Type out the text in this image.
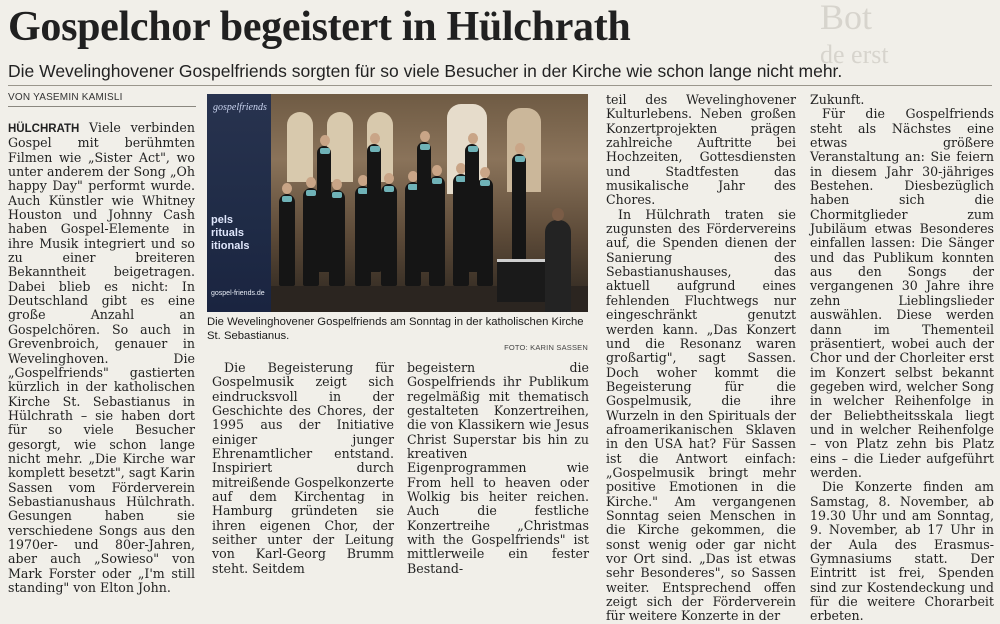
Gospelchor begeistert in Hülchrath	Bot
de erst

Die Wevelinghovener Gospelfriends sorgten für so viele Besucher in der Kirche wie schon lange nicht mehr.

VON YASEMIN KAMISLI

HÜLCHRATH Viele verbinden Gospel mit berühmten Filmen wie „Sister Act", wo unter anderem der Song „Oh happy Day" performt wurde. Auch Künstler wie Whitney Houston und Johnny Cash haben Gospel-Elemente in ihre Musik integriert und so zu einer breiteren Bekanntheit beigetragen. Dabei blieb es nicht: In Deutschland gibt es eine große Anzahl an Gospelchören. So auch in Grevenbroich, genauer in Wevelinghoven. Die „Gospelfriends" gastierten kürzlich in der katholischen Kirche St. Sebastianus in Hülchrath – sie haben dort für so viele Besucher gesorgt, wie schon lange nicht mehr. „Die Kirche war komplett besetzt", sagt Karin Sassen vom Förderverein Sebastianushaus Hülchrath. Gesungen haben sie verschiedene Songs aus den 1970er- und 80er-Jahren, aber auch „Sowieso" von Mark Forster oder „I'm still standing" von Elton John.

gospelfriends
pels
rituals
itionals
gospel-friends.de

Die Wevelinghovener Gospelfriends am Sonntag in der katholischen Kirche St. Sebastianus.

FOTO: KARIN SASSEN

Die Begeisterung für Gospelmusik zeigt sich eindrucksvoll in der Geschichte des Chores, der 1995 aus der Initiative einiger junger Ehrenamtlicher entstand. Inspiriert durch mitreißende Gospelkonzerte auf dem Kirchentag in Hamburg gründeten sie ihren eigenen Chor, der seither unter der Leitung von Karl-Georg Brumm steht. Seitdem

begeistern die Gospelfriends ihr Publikum regelmäßig mit thematisch gestalteten Konzertreihen, die von Klassikern wie Jesus Christ Superstar bis hin zu kreativen Eigenprogrammen wie From hell to heaven oder Wolkig bis heiter reichen. Auch die festliche Konzertreihe „Christmas with the Gospelfriends" ist mittlerweile ein fester Bestand-

teil des Wevelinghovener Kulturlebens. Neben großen Konzertprojekten prägen zahlreiche Auftritte bei Hochzeiten, Gottesdiensten und Stadtfesten das musikalische Jahr des Chores.

In Hülchrath traten sie zugunsten des Fördervereins auf, die Spenden dienen der Sanierung des Sebastianushauses, das aktuell aufgrund eines fehlenden Fluchtwegs nur eingeschränkt genutzt werden kann. „Das Konzert und die Resonanz waren großartig", sagt Sassen. Doch woher kommt die Begeisterung für die Gospelmusik, die ihre Wurzeln in den Spirituals der afroamerikanischen Sklaven in den USA hat? Für Sassen ist die Antwort einfach: „Gospelmusik bringt mehr positive Emotionen in die Kirche." Am vergangenen Sonntag seien Menschen in die Kirche gekommen, die sonst wenig oder gar nicht vor Ort sind. „Das ist etwas sehr Besonderes", so Sassen weiter. Entsprechend offen zeigt sich der Förderverein für weitere Konzerte in der

Zukunft.

Für die Gospelfriends steht als Nächstes eine etwas größere Veranstaltung an: Sie feiern in diesem Jahr 30-jähriges Bestehen. Diesbezüglich haben sich die Chormitglieder zum Jubiläum etwas Besonderes einfallen lassen: Die Sänger und das Publikum konnten aus den Songs der vergangenen 30 Jahre ihre zehn Lieblingslieder auswählen. Diese werden dann im Thementeil präsentiert, wobei auch der Chor und der Chorleiter erst im Konzert selbst bekannt gegeben wird, welcher Song in welcher Reihenfolge in der Beliebtheitsskala liegt und in welcher Reihenfolge – von Platz zehn bis Platz eins – die Lieder aufgeführt werden.

Die Konzerte finden am Samstag, 8. November, ab 19.30 Uhr und am Sonntag, 9. November, ab 17 Uhr in der Aula des Erasmus-Gymnasiums statt. Der Eintritt ist frei, Spenden sind zur Kostendeckung und für die weitere Chorarbeit erbeten.
